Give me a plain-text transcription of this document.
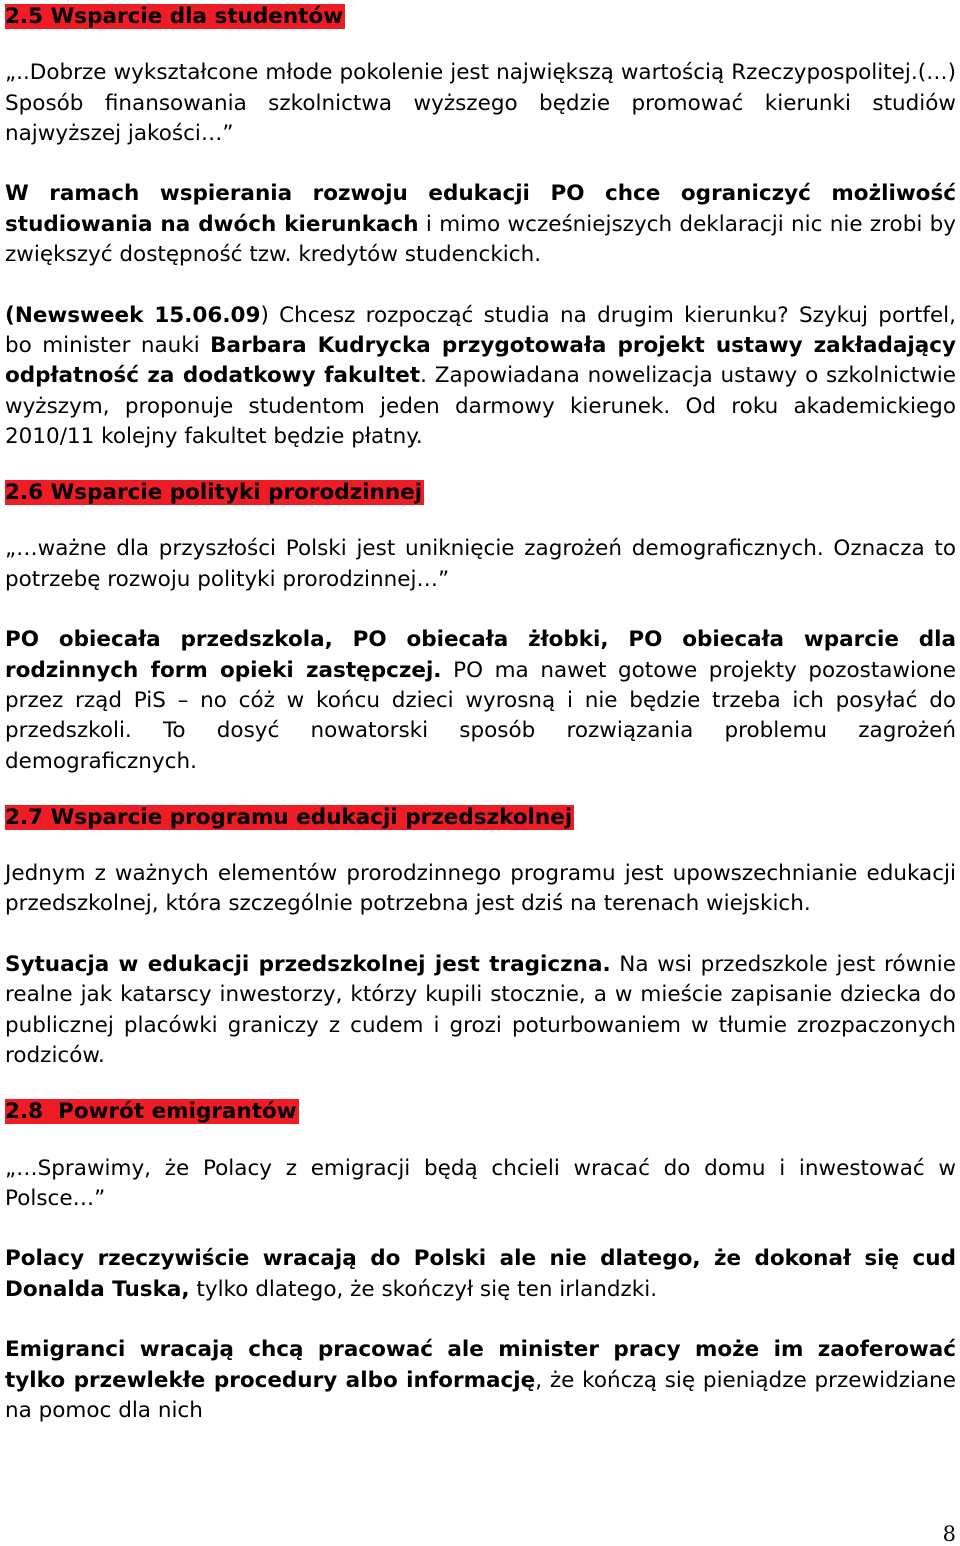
2.5 Wsparcie dla studentów

„..Dobrze wykształcone młode pokolenie jest największą wartością Rzeczypospolitej.(…) Sposób finansowania szkolnictwa wyższego będzie promować kierunki studiów najwyższej jakości…”

W ramach wspierania rozwoju edukacji PO chce ograniczyć możliwość studiowania na dwóch kierunkach i mimo wcześniejszych deklaracji nic nie zrobi by zwiększyć dostępność tzw. kredytów studenckich.

(Newsweek 15.06.09) Chcesz rozpocząć studia na drugim kierunku? Szykuj portfel, bo minister nauki Barbara Kudrycka przygotowała projekt ustawy zakładający odpłatność za dodatkowy fakultet. Zapowiadana nowelizacja ustawy o szkolnictwie wyższym, proponuje studentom jeden darmowy kierunek. Od roku akademickiego 2010/11 kolejny fakultet będzie płatny.

2.6 Wsparcie polityki prorodzinnej

„…ważne dla przyszłości Polski jest uniknięcie zagrożeń demograficznych. Oznacza to potrzebę rozwoju polityki prorodzinnej…”

PO obiecała przedszkola, PO obiecała żłobki, PO obiecała wparcie dla rodzinnych form opieki zastępczej. PO ma nawet gotowe projekty pozostawione przez rząd PiS – no cóż w końcu dzieci wyrosną i nie będzie trzeba ich posyłać do przedszkoli. To dosyć nowatorski sposób rozwiązania problemu zagrożeń demograficznych.

2.7 Wsparcie programu edukacji przedszkolnej

Jednym z ważnych elementów prorodzinnego programu jest upowszechnianie edukacji przedszkolnej, która szczególnie potrzebna jest dziś na terenach wiejskich.

Sytuacja w edukacji przedszkolnej jest tragiczna. Na wsi przedszkole jest równie realne jak katarscy inwestorzy, którzy kupili stocznie, a w mieście zapisanie dziecka do publicznej placówki graniczy z cudem i grozi poturbowaniem w tłumie zrozpaczonych rodziców.

2.8  Powrót emigrantów

„…Sprawimy, że Polacy z emigracji będą chcieli wracać do domu i inwestować w Polsce…”

Polacy rzeczywiście wracają do Polski ale nie dlatego, że dokonał się cud Donalda Tuska, tylko dlatego, że skończył się ten irlandzki.

Emigranci wracają chcą pracować ale minister pracy może im zaoferować tylko przewlekłe procedury albo informację, że kończą się pieniądze przewidziane na pomoc dla nich

8
